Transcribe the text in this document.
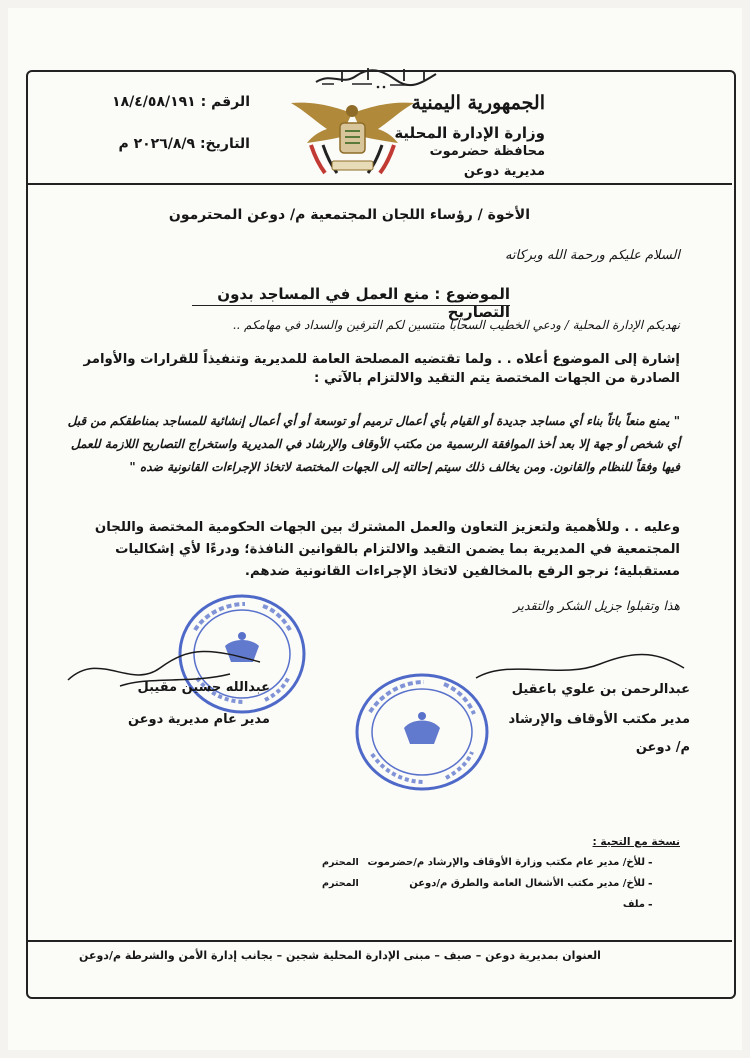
الجمهورية اليمنية
وزارة الإدارة المحلية
محافظة حضرموت
مديرية دوعن
الرقم : ١٨/٤/٥٨/١٩١
التاريخ: ٢٠٢٦/٨/٩ م
الأخوة / رؤساء اللجان المجتمعية م/ دوعن المحترمون
السلام عليكم ورحمة الله وبركاته
الموضوع : منع العمل في المساجد بدون التصاريح
نهديكم الإدارة المحلية / ودعي الخطيب السحابا منتسين لكم الترفين والسداد في مهامكم ..
إشارة إلى الموضوع أعلاه . . ولما تقتضيه المصلحة العامة للمديرية وتنفيذاً للقرارات والأوامر الصادرة من الجهات المختصة يتم التقيد والالتزام بالآتي :
" يمنع منعاً باتاً بناء أي مساجد جديدة أو القيام بأي أعمال ترميم أو توسعة أو أي أعمال إنشائية للمساجد بمناطقكم من قبل أي شخص أو جهة إلا بعد أخذ الموافقة الرسمية من مكتب الأوقاف والإرشاد في المديرية واستخراج التصاريح اللازمة للعمل فيها وفقاً للنظام والقانون. ومن يخالف ذلك سيتم إحالته إلى الجهات المختصة لاتخاذ الإجراءات القانونية ضده "
وعليه . . وللأهمية ولتعزيز التعاون والعمل المشترك بين الجهات الحكومية المختصة واللجان المجتمعية في المديرية بما يضمن التقيد والالتزام بالقوانين النافذة؛ ودرءًا لأي إشكاليات مستقبلية؛ نرجو الرفع بالمخالفين لاتخاذ الإجراءات القانونية ضدهم.
هذا وتقبلوا جزيل الشكر والتقدير
عبدالله حسين مقيبل
مدير عام مديرية دوعن
عبدالرحمن بن علوي باعقيل
مدير مكتب الأوقاف والإرشاد
م/ دوعن
نسخة مع التحية :
-
للأخ/ مدير عام مكتب وزارة الأوقاف والإرشاد م/حضرموت
المحترم
-
للأخ/ مدير مكتب الأشغال العامة والطرق م/دوعن
المحترم
-
ملف
العنوان بمديرية دوعن – صيف – مبنى الإدارة المحلية شجين – بجانب إدارة الأمن والشرطة م/دوعن
